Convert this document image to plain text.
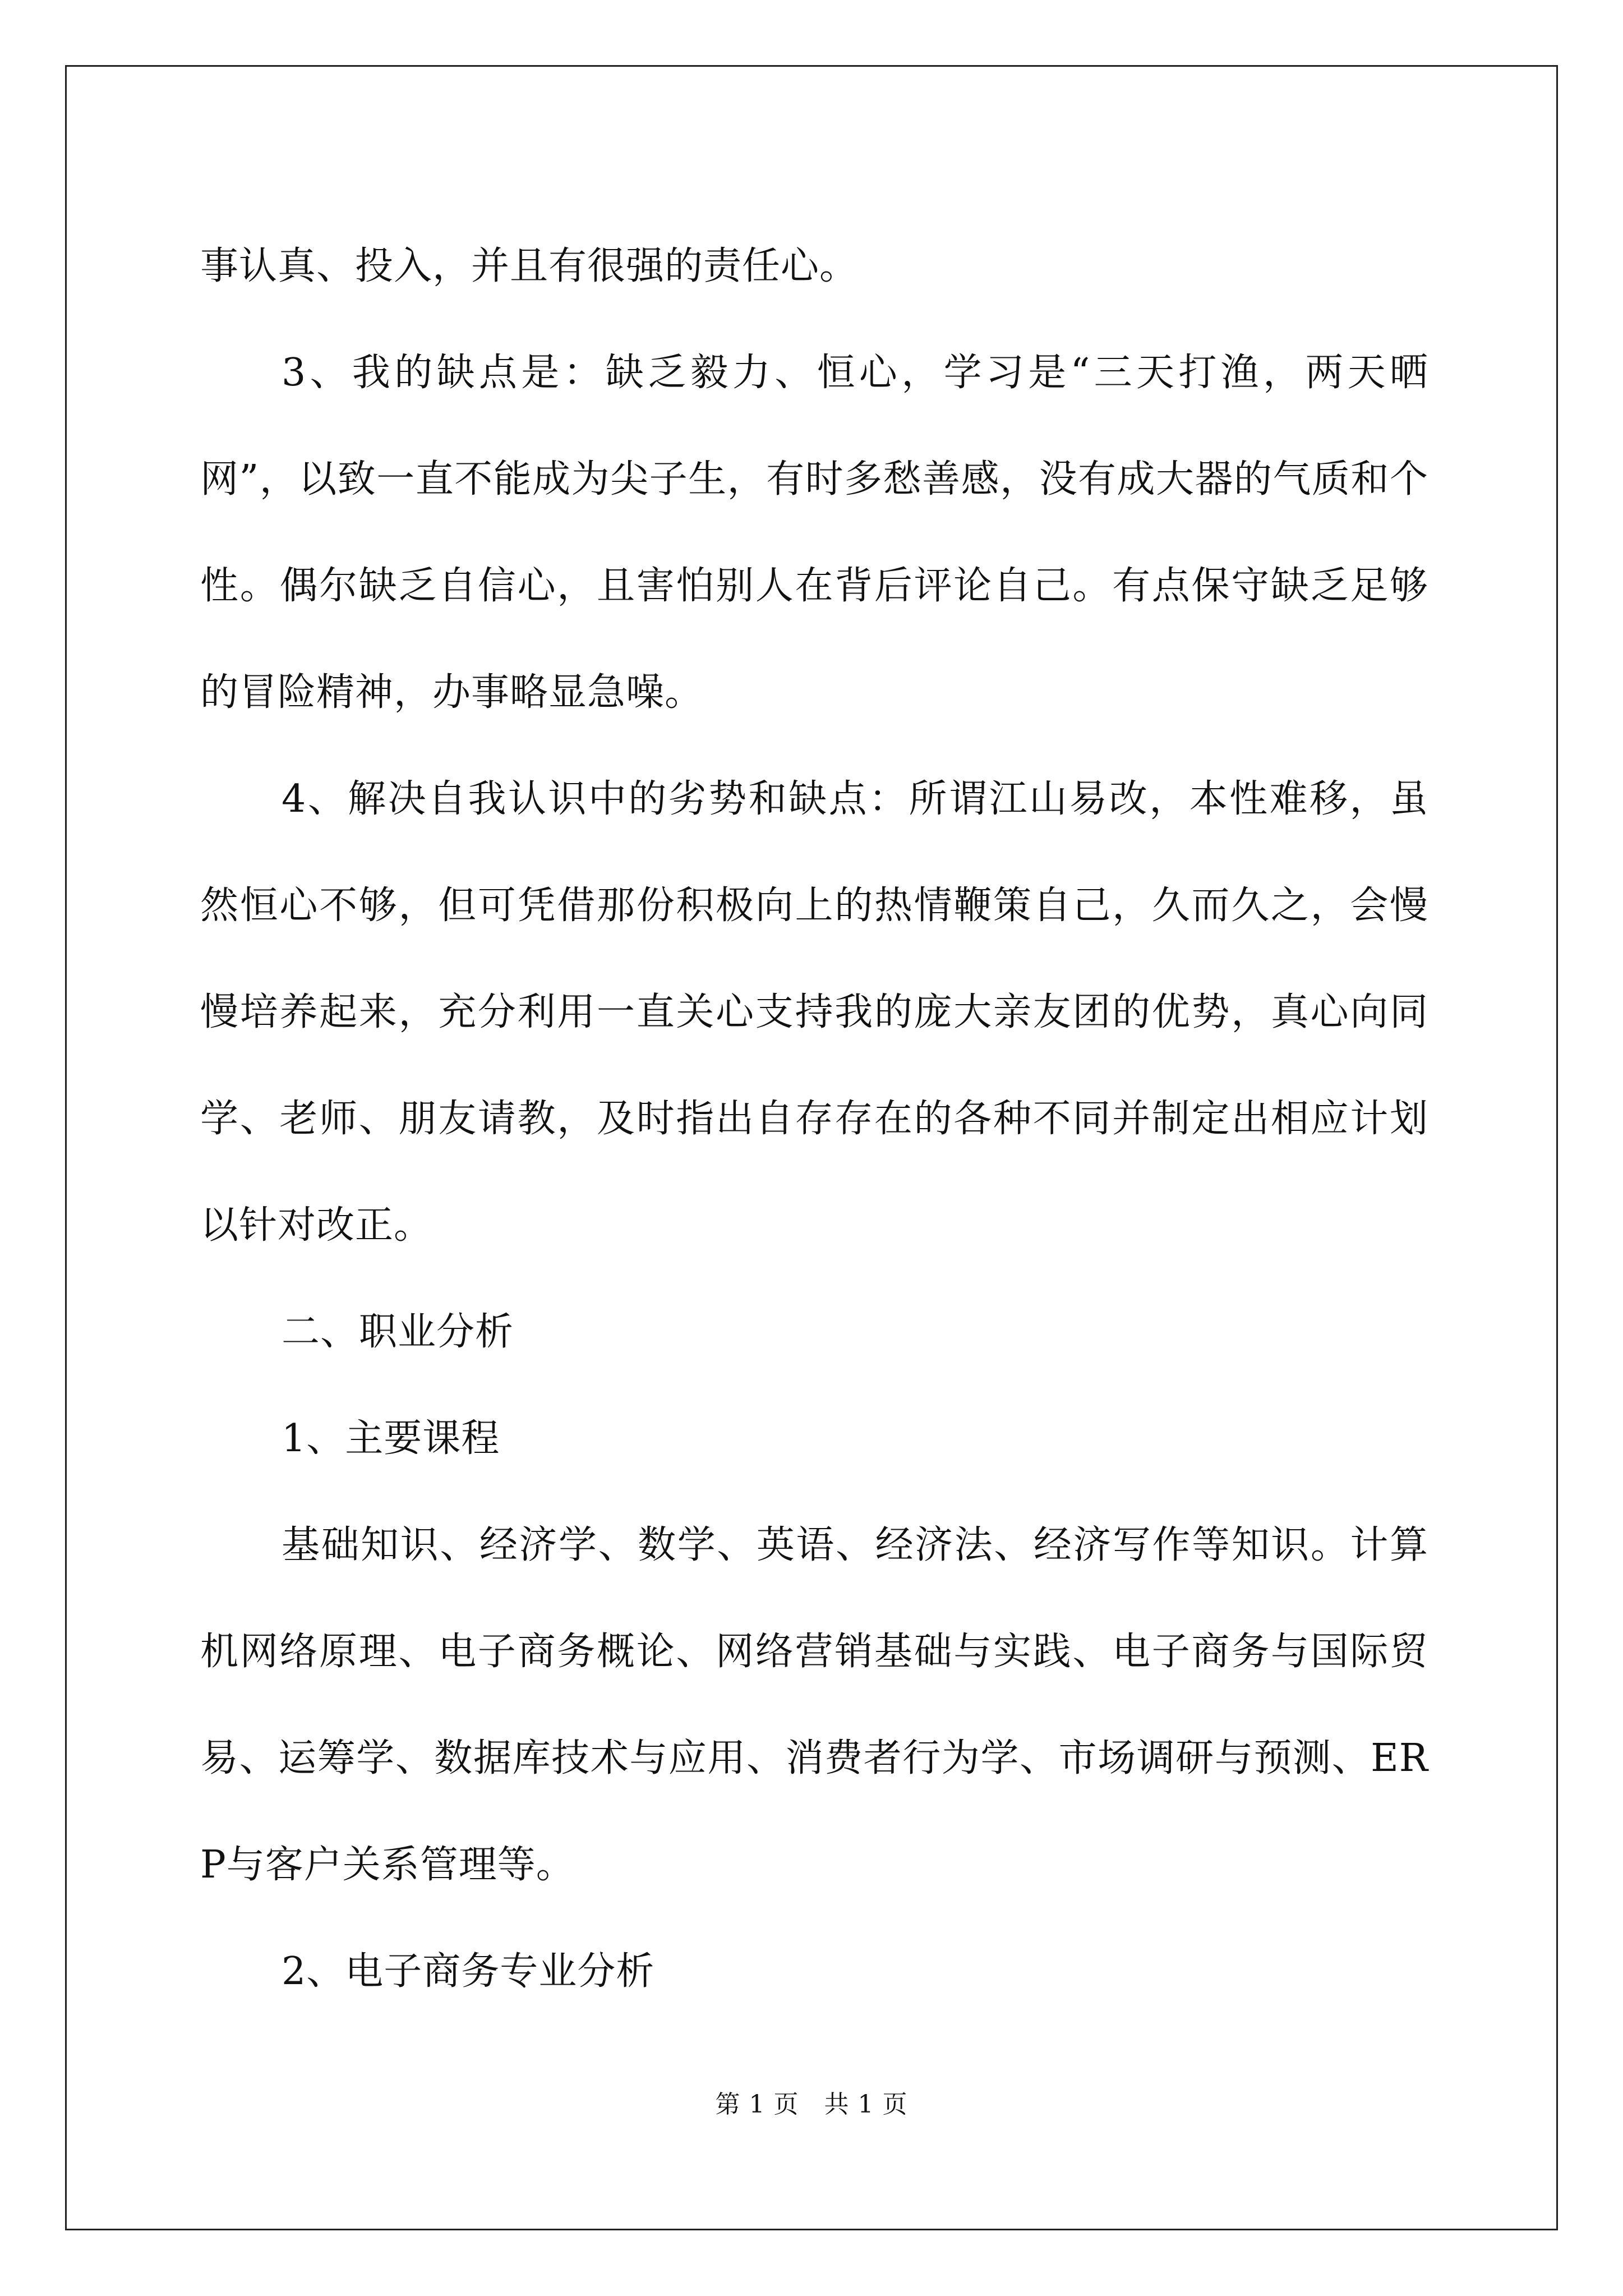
事认真、投入，并且有很强的责任心。

3、我的缺点是：缺乏毅力、恒心，学习是“三天打渔，两天晒网”，以致一直不能成为尖子生，有时多愁善感，没有成大器的气质和个性。偶尔缺乏自信心，且害怕别人在背后评论自己。有点保守缺乏足够的冒险精神，办事略显急噪。

4、解决自我认识中的劣势和缺点：所谓江山易改，本性难移，虽然恒心不够，但可凭借那份积极向上的热情鞭策自己，久而久之，会慢慢培养起来，充分利用一直关心支持我的庞大亲友团的优势，真心向同学、老师、朋友请教，及时指出自存存在的各种不同并制定出相应计划以针对改正。

二、职业分析

1、主要课程

基础知识、经济学、数学、英语、经济法、经济写作等知识。计算机网络原理、电子商务概论、网络营销基础与实践、电子商务与国际贸易、运筹学、数据库技术与应用、消费者行为学、市场调研与预测、ERP与客户关系管理等。

2、电子商务专业分析

第 1 页　共 1 页
